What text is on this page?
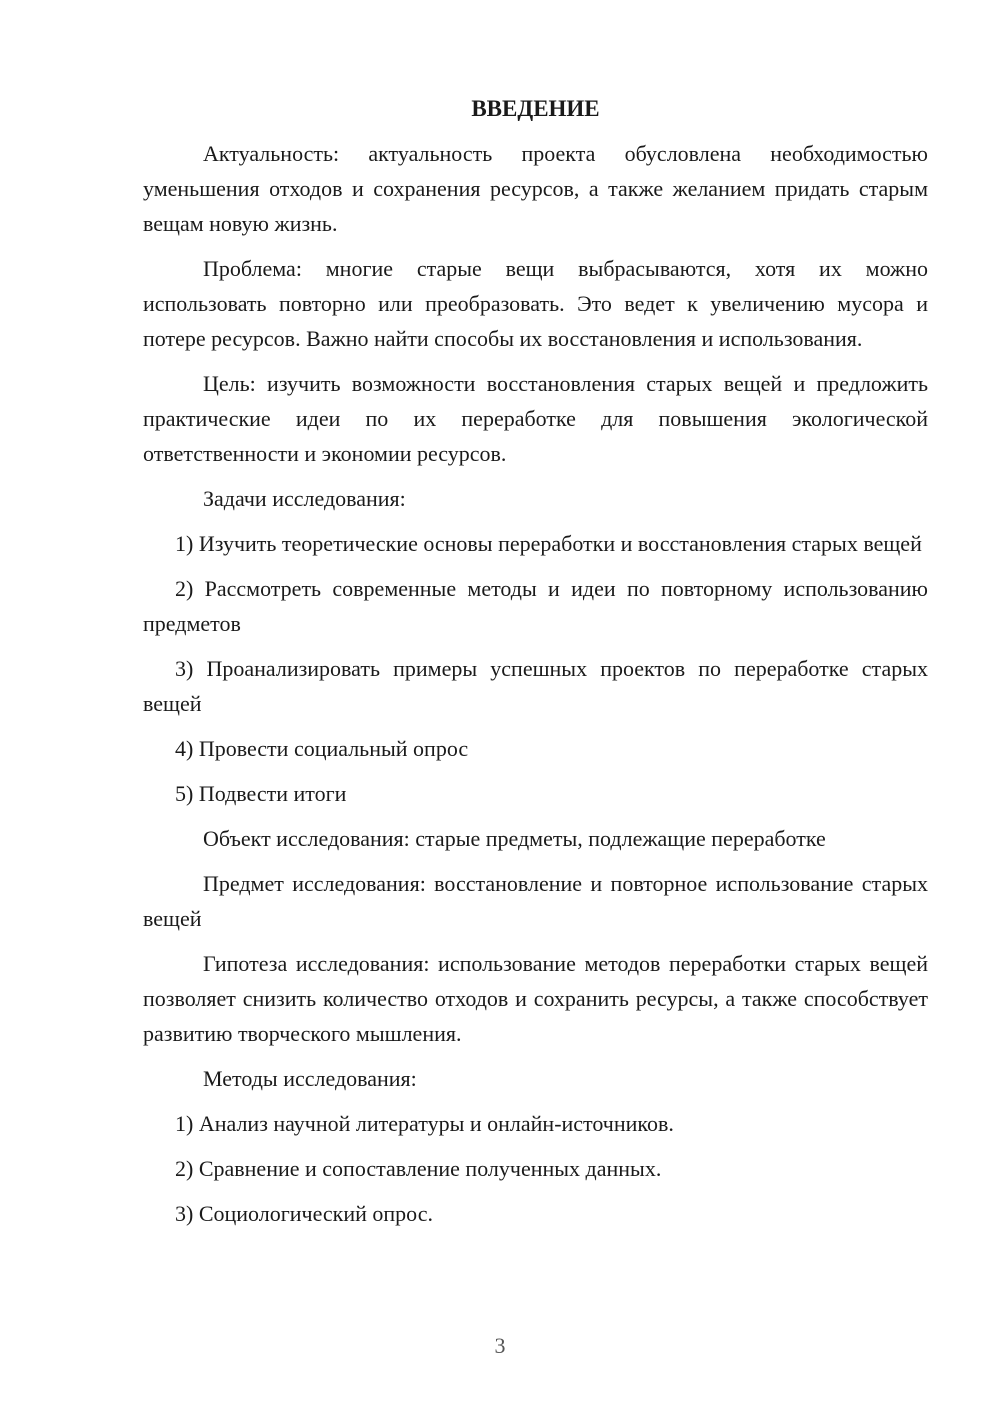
ВВЕДЕНИЕ

Актуальность: актуальность проекта обусловлена необходимостью уменьшения отходов и сохранения ресурсов, а также желанием придать старым вещам новую жизнь.

Проблема: многие старые вещи выбрасываются, хотя их можно использовать повторно или преобразовать. Это ведет к увеличению мусора и потере ресурсов. Важно найти способы их восстановления и использования.

Цель: изучить возможности восстановления старых вещей и предложить практические идеи по их переработке для повышения экологической ответственности и экономии ресурсов.

Задачи исследования:

1) Изучить теоретические основы переработки и восстановления старых вещей

2) Рассмотреть современные методы и идеи по повторному использованию предметов

3) Проанализировать примеры успешных проектов по переработке старых вещей

4) Провести социальный опрос

5) Подвести итоги

Объект исследования: старые предметы, подлежащие переработке

Предмет исследования: восстановление и повторное использование старых вещей

Гипотеза исследования: использование методов переработки старых вещей позволяет снизить количество отходов и сохранить ресурсы, а также способствует развитию творческого мышления.

Методы исследования:

1) Анализ научной литературы и онлайн-источников.

2) Сравнение и сопоставление полученных данных.

3) Социологический опрос.

3
